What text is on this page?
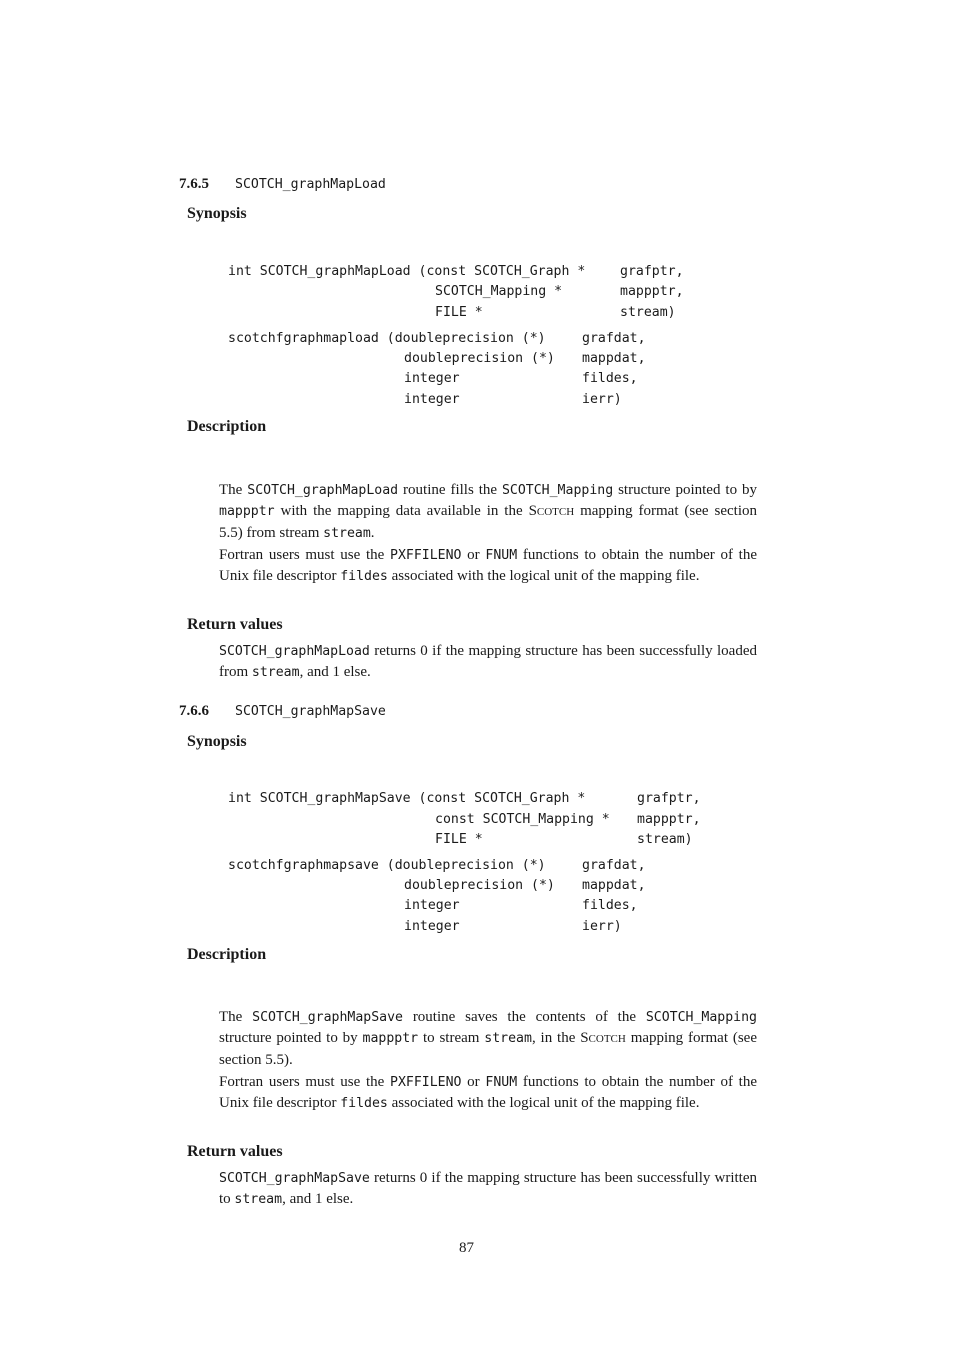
7.6.5 SCOTCH_graphMapLoad
Synopsis
int SCOTCH_graphMapLoad (const SCOTCH_Graph *	grafptr,
SCOTCH_Mapping *	mappptr,
FILE *	stream)
scotchfgraphmapload (doubleprecision (*)	grafdat,
doubleprecision (*) mappdat,
integer	fildes,
integer	ierr)
Description
The SCOTCH_graphMapLoad routine fills the SCOTCH_Mapping structure pointed to by mappptr with the mapping data available in the Scotch mapping format (see section 5.5) from stream stream.
Fortran users must use the PXFFILENO or FNUM functions to obtain the number of the Unix file descriptor fildes associated with the logical unit of the mapping file.
Return values
SCOTCH_graphMapLoad returns 0 if the mapping structure has been successfully loaded from stream, and 1 else.
7.6.6 SCOTCH_graphMapSave
Synopsis
int SCOTCH_graphMapSave (const SCOTCH_Graph *	grafptr,
const SCOTCH_Mapping * mappptr,
FILE *	stream)
scotchfgraphmapsave (doubleprecision (*)	grafdat,
doubleprecision (*) mappdat,
integer	fildes,
integer	ierr)
Description
The SCOTCH_graphMapSave routine saves the contents of the SCOTCH_Mapping structure pointed to by mappptr to stream stream, in the Scotch mapping format (see section 5.5).
Fortran users must use the PXFFILENO or FNUM functions to obtain the number of the Unix file descriptor fildes associated with the logical unit of the mapping file.
Return values
SCOTCH_graphMapSave returns 0 if the mapping structure has been successfully written to stream, and 1 else.
87
